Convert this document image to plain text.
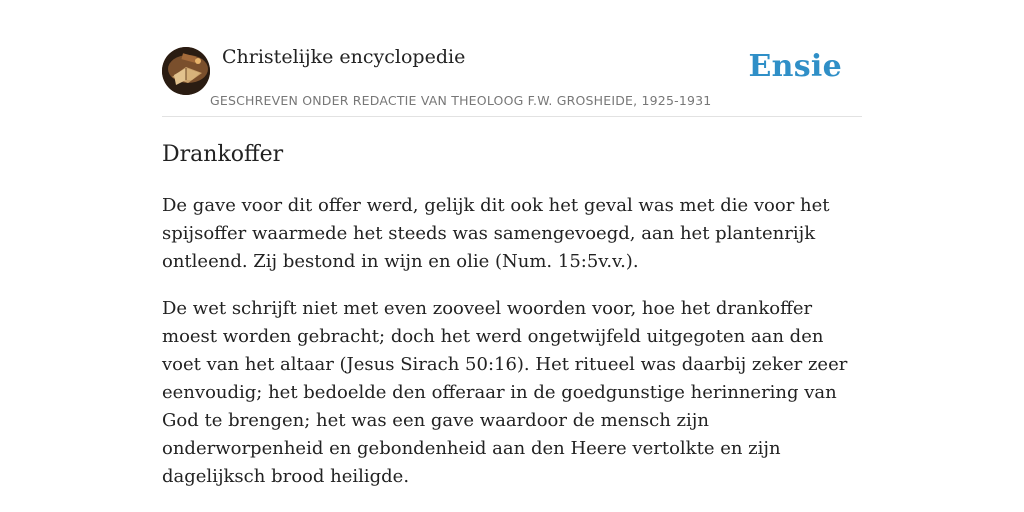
Christelijke encyclopedie
GESCHREVEN ONDER REDACTIE VAN THEOLOOG F.W. GROSHEIDE, 1925-1931
Ensie
Drankoffer

De gave voor dit offer werd, gelijk dit ook het geval was met die voor het spijsoffer waarmede het steeds was samengevoegd, aan het plantenrijk ontleend. Zij bestond in wijn en olie (Num. 15:5v.v.).

De wet schrijft niet met even zooveel woorden voor, hoe het drankoffer moest worden gebracht; doch het werd ongetwijfeld uitgegoten aan den voet van het altaar (Jesus Sirach 50:16). Het ritueel was daarbij zeker zeer eenvoudig; het bedoelde den offeraar in de goedgunstige herinnering van God te brengen; het was een gave waardoor de mensch zijn onderworpenheid en gebondenheid aan den Heere vertolkte en zijn dagelijksch brood heiligde.
